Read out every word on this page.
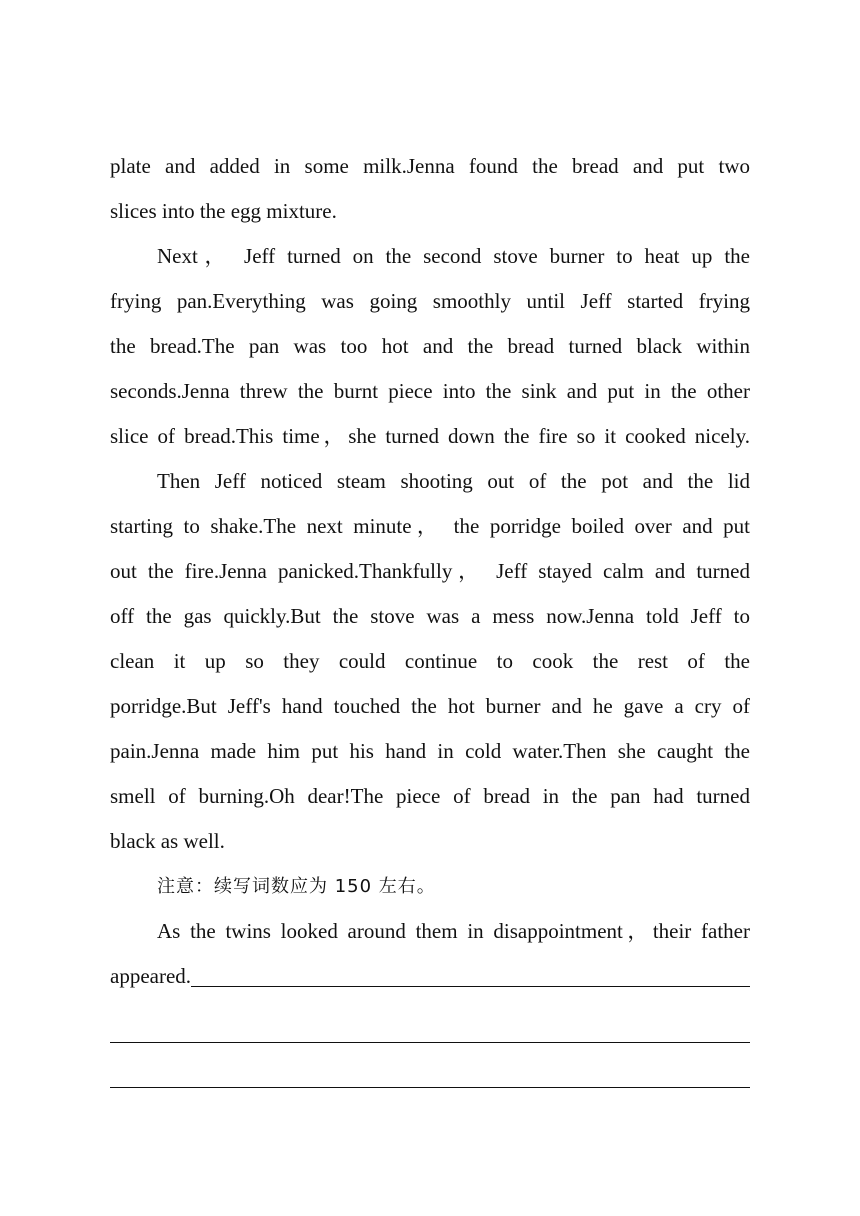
plate and added in some milk.Jenna found the bread and put two
slices into the egg mixture.
Next， Jeff turned on the second stove burner to heat up the
frying pan.Everything was going smoothly until Jeff started frying
the bread.The pan was too hot and the bread turned black within
seconds.Jenna threw the burnt piece into the sink and put in the other
slice of bread.This time，she turned down the fire so it cooked nicely.
Then Jeff noticed steam shooting out of the pot and the lid
starting to shake.The next minute， the porridge boiled over and put
out the fire.Jenna panicked.Thankfully， Jeff stayed calm and turned
off the gas quickly.But the stove was a mess now.Jenna told Jeff to
clean it up so they could continue to cook the rest of the
porridge.But Jeff's hand touched the hot burner and he gave a cry of
pain.Jenna made him put his hand in cold water.Then she caught the
smell of burning.Oh dear!The piece of bread in the pan had turned
black as well.
注意：续写词数应为 150 左右。
As the twins looked around them in disappointment，their father
appeared.
